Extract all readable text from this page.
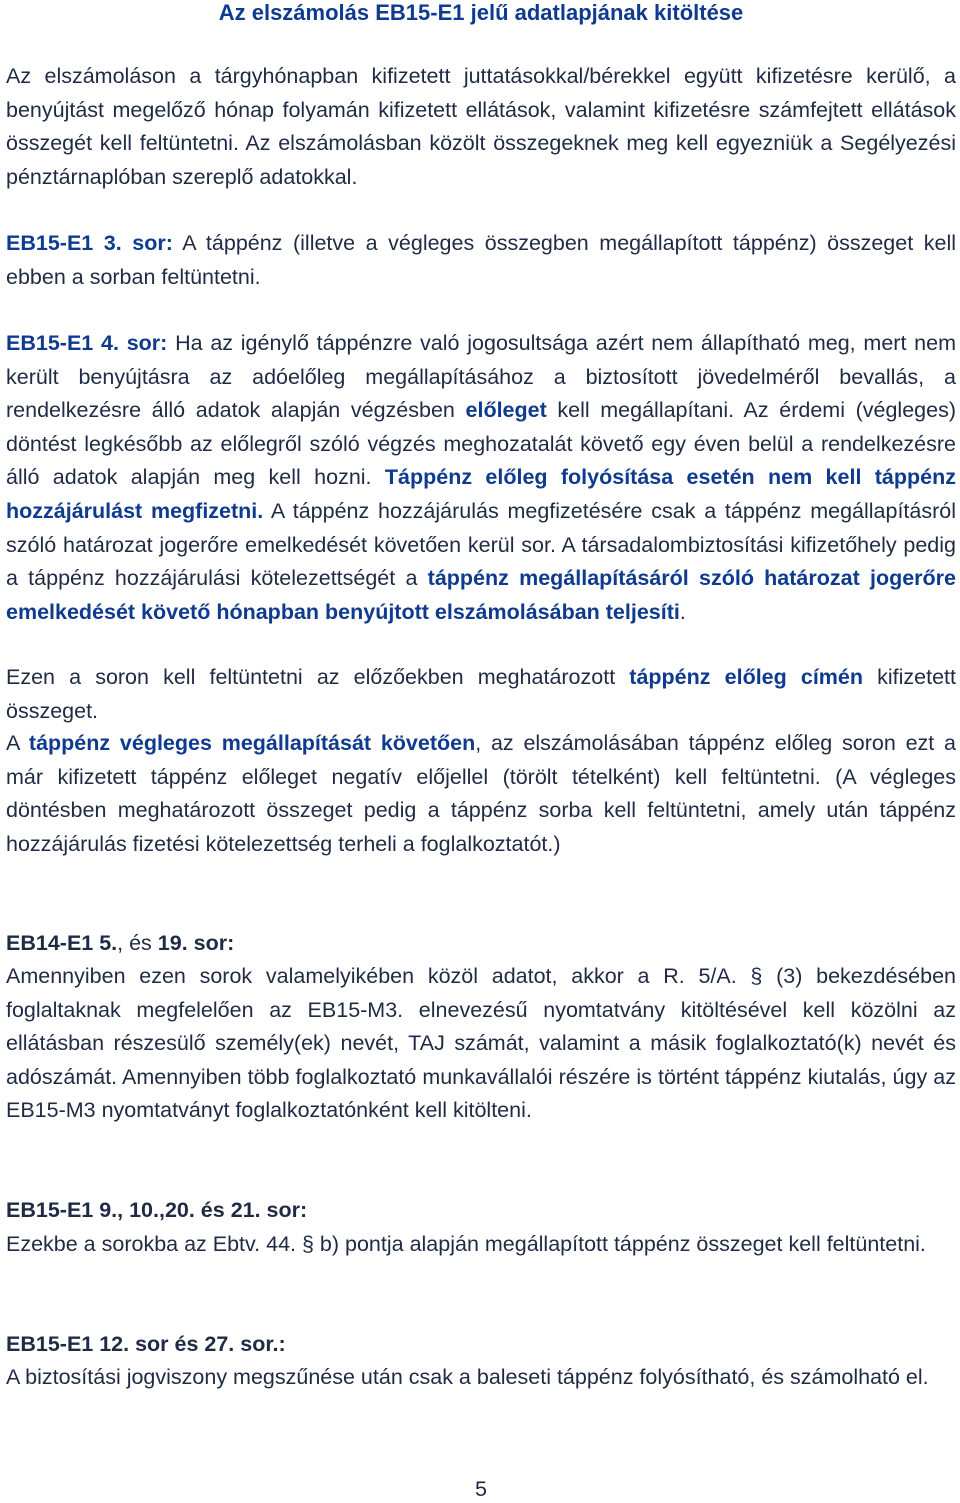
Az elszámolás EB15-E1 jelű adatlapjának kitöltése
Az elszámoláson a tárgyhónapban kifizetett juttatásokkal/bérekkel együtt kifizetésre kerülő, a benyújtást megelőző hónap folyamán kifizetett ellátások, valamint kifizetésre számfejtett ellátások összegét kell feltüntetni. Az elszámolásban közölt összegeknek meg kell egyezniük a Segélyezési pénztárnaplóban szereplő adatokkal.
EB15-E1 3. sor: A táppénz (illetve a végleges összegben megállapított táppénz) összeget kell ebben a sorban feltüntetni.
EB15-E1 4. sor: Ha az igénylő táppénzre való jogosultsága azért nem állapítható meg, mert nem került benyújtásra az adóelőleg megállapításához a biztosított jövedelméről bevallás, a rendelkezésre álló adatok alapján végzésben előleget kell megállapítani. Az érdemi (végleges) döntést legkésőbb az előlegről szóló végzés meghozatalát követő egy éven belül a rendelkezésre álló adatok alapján meg kell hozni. Táppénz előleg folyósítása esetén nem kell táppénz hozzájárulást megfizetni. A táppénz hozzájárulás megfizetésére csak a táppénz megállapításról szóló határozat jogerőre emelkedését követően kerül sor. A társadalombiztosítási kifizetőhely pedig a táppénz hozzájárulási kötelezettségét a táppénz megállapításáról szóló határozat jogerőre emelkedését követő hónapban benyújtott elszámolásában teljesíti.
Ezen a soron kell feltüntetni az előzőekben meghatározott táppénz előleg címén kifizetett összeget.
A táppénz végleges megállapítását követően, az elszámolásában táppénz előleg soron ezt a már kifizetett táppénz előleget negatív előjellel (törölt tételként) kell feltüntetni. (A végleges döntésben meghatározott összeget pedig a táppénz sorba kell feltüntetni, amely után táppénz hozzájárulás fizetési kötelezettség terheli a foglalkoztatót.)
EB14-E1 5., és 19. sor:
Amennyiben ezen sorok valamelyikében közöl adatot, akkor a R. 5/A. § (3) bekezdésében foglaltaknak megfelelően az EB15-M3. elnevezésű nyomtatvány kitöltésével kell közölni az ellátásban részesülő személy(ek) nevét, TAJ számát, valamint a másik foglalkoztató(k) nevét és adószámát. Amennyiben több foglalkoztató munkavállalói részére is történt táppénz kiutalás, úgy az EB15-M3 nyomtatványt foglalkoztatónként kell kitölteni.
EB15-E1 9., 10.,20. és 21. sor:
Ezekbe a sorokba az Ebtv. 44. § b) pontja alapján megállapított táppénz összeget kell feltüntetni.
EB15-E1 12. sor és 27. sor.:
A biztosítási jogviszony megszűnése után csak a baleseti táppénz folyósítható, és számolható el.
5
